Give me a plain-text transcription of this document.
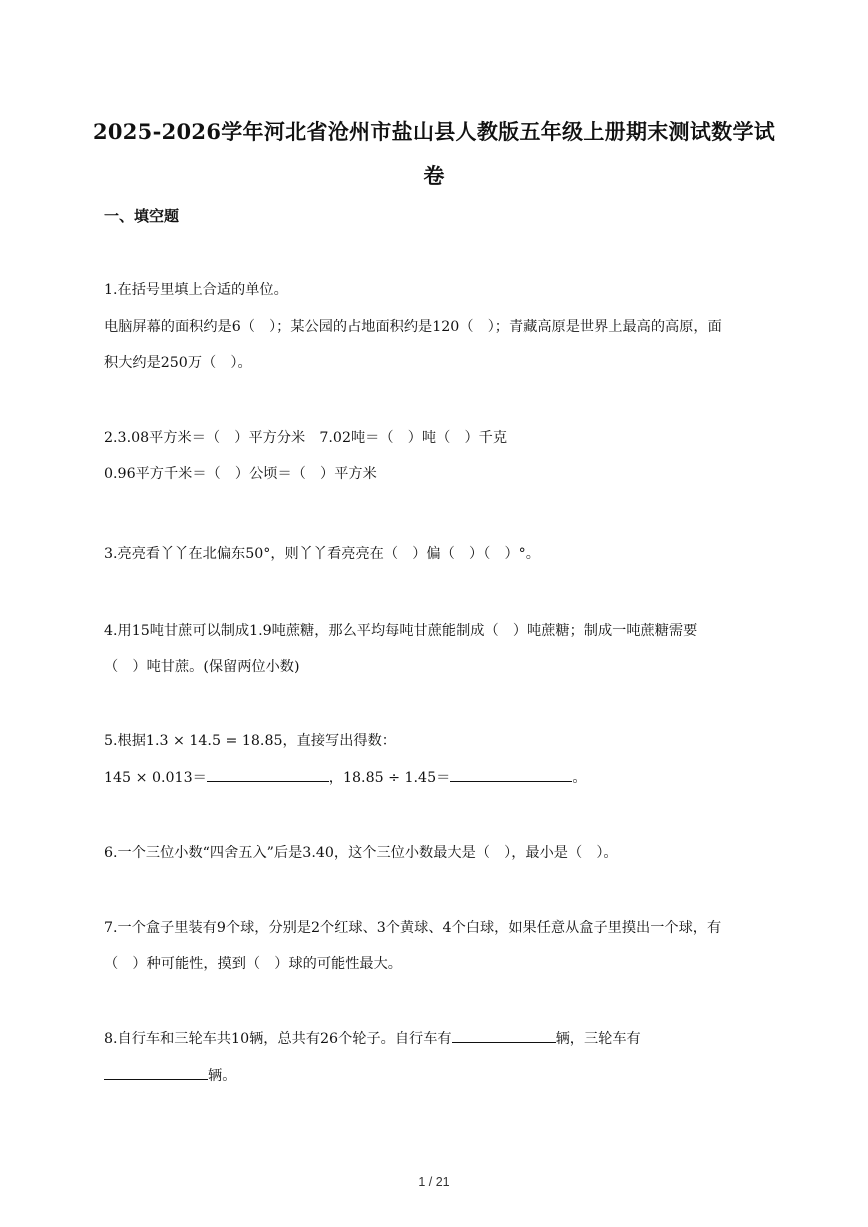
2025-2026学年河北省沧州市盐山县人教版五年级上册期末测试数学试
卷
一、填空题
1.在括号里填上合适的单位。
电脑屏幕的面积约是6（　）；某公园的占地面积约是120（　）；青藏高原是世界上最高的高原，面
积大约是250万（　）。
2.3.08平方米＝（　）平方分米　7.02吨＝（　）吨（　）千克
0.96平方千米＝（　）公顷＝（　）平方米
3.亮亮看丫丫在北偏东50°，则丫丫看亮亮在（　）偏（　）（　）°。
4.用15吨甘蔗可以制成1.9吨蔗糖，那么平均每吨甘蔗能制成（　）吨蔗糖；制成一吨蔗糖需要
（　）吨甘蔗。(保留两位小数)
5.根据1.3 × 14.5 = 18.85，直接写出得数：
145 × 0.013＝	，18.85 ÷ 1.45＝	。
6.一个三位小数“四舍五入”后是3.40，这个三位小数最大是（　），最小是（　）。
7.一个盒子里装有9个球，分别是2个红球、3个黄球、4个白球，如果任意从盒子里摸出一个球，有
（　）种可能性，摸到（　）球的可能性最大。
8.自行车和三轮车共10辆，总共有26个轮子。自行车有	辆，三轮车有
辆。
1 / 21
